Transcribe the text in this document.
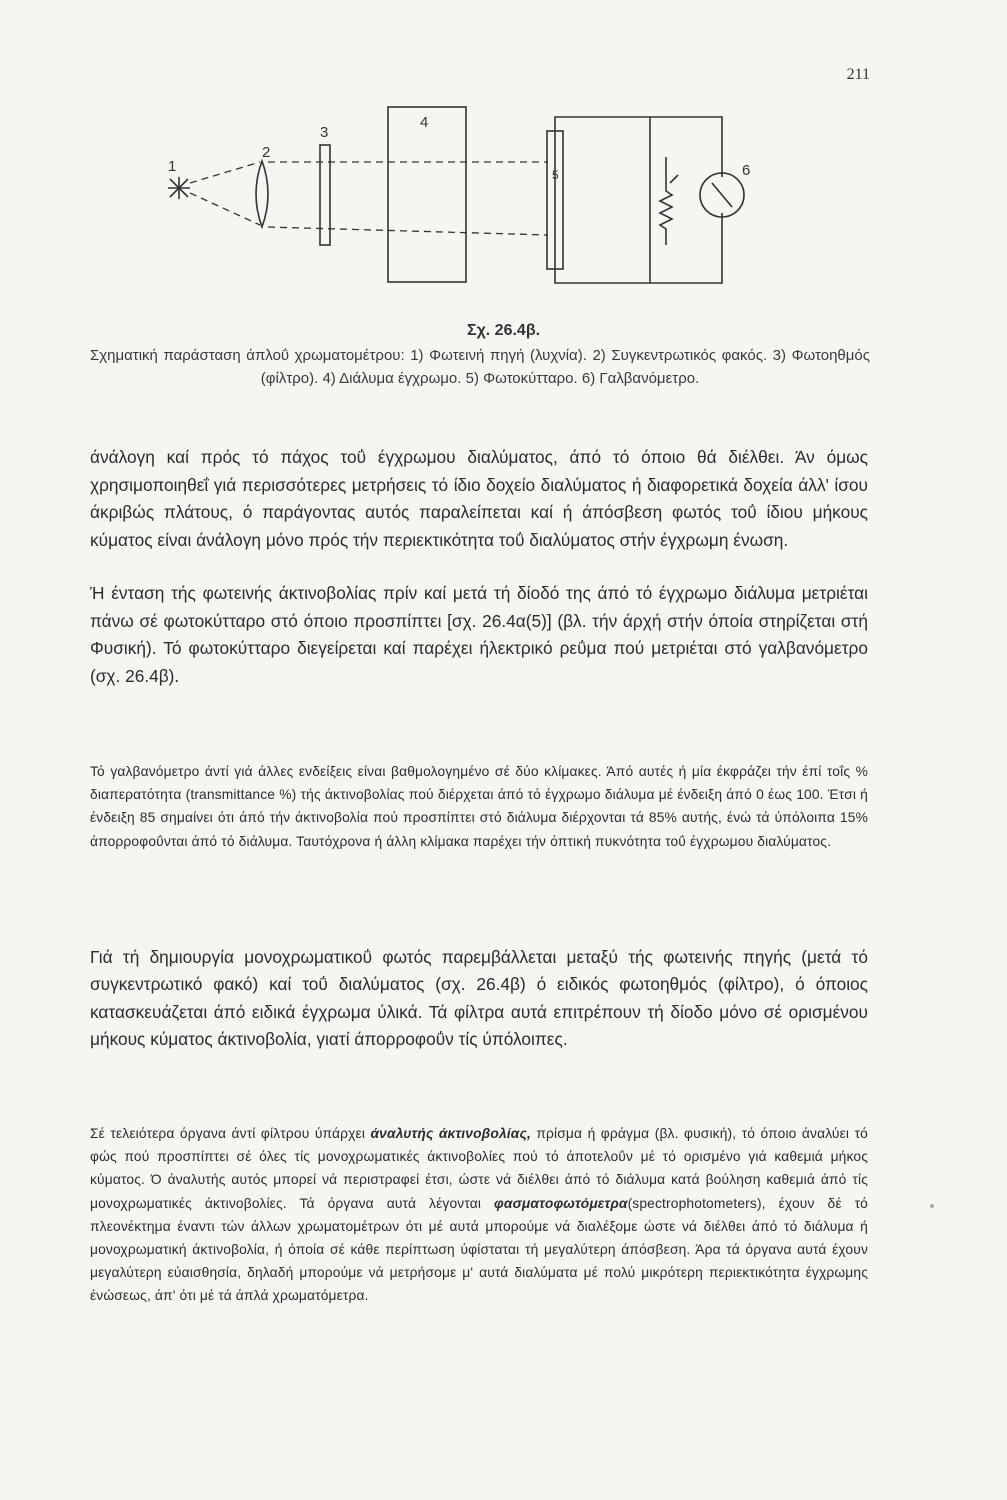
211
1
2
3
4
5	6
Σχ. 26.4β.
Σχηματική παράσταση άπλοΰ χρωματομέτρου: 1) Φωτεινή πηγή (λυχνία). 2) Συγκεντρωτικός φακός. 3) Φωτοηθμός (φίλτρο). 4) Διάλυμα έγχρωμο. 5) Φωτοκύτταρο. 6) Γαλβανόμετρο.
άνάλογη καί πρός τό πάχος τοΰ έγχρωμου διαλύματος, άπό τό όποιο θά διέλθει. Άν όμως χρησιμοποιηθεΐ γιά περισσότερες μετρήσεις τό ίδιο δοχείο διαλύματος ή διαφορετικά δοχεία άλλ' ίσου άκριβώς πλάτους, ό παράγοντας αυτός παραλείπεται καί ή άπόσβεση φωτός τοΰ ίδιου μήκους κύματος είναι άνάλογη μόνο πρός τήν περιεκτικότητα τοΰ διαλύματος στήν έγχρωμη ένωση.
Ή ένταση τής φωτεινής άκτινοβολίας πρίν καί μετά τή δίοδό της άπό τό έγχρωμο διάλυμα μετριέται πάνω σέ φωτοκύτταρο στό όποιο προσπίπτει [σχ. 26.4α(5)] (βλ. τήν άρχή στήν όποία στηρίζεται στή Φυσική). Τό φωτοκύτταρο διεγείρεται καί παρέχει ήλεκτρικό ρεΰμα πού μετριέται στό γαλβανόμετρο (σχ. 26.4β).
Τό γαλβανόμετρο άντί γιά άλλες ενδείξεις είναι βαθμολογημένο σέ δύο κλίμακες. Άπό αυτές ή μία έκφράζει τήν έπί τοΐς % διαπερατότητα (transmittance %) τής άκτινοβολίας πού διέρχεται άπό τό έγχρωμο διάλυμα μέ ένδειξη άπό 0 έως 100. Έτσι ή ένδειξη 85 σημαίνει ότι άπό τήν άκτινοβολία πού προσπίπτει στό διάλυμα διέρχονται τά 85% αυτής, ένώ τά ύπόλοιπα 15% άπορροφοΰνται άπό τό διάλυμα. Ταυτόχρονα ή άλλη κλίμακα παρέχει τήν όπτική πυκνότητα τοΰ έγχρωμου διαλύματος.
Γιά τή δημιουργία μονοχρωματικοΰ φωτός παρεμβάλλεται μεταξύ τής φωτεινής πηγής (μετά τό συγκεντρωτικό φακό) καί τοΰ διαλύματος (σχ. 26.4β) ό ειδικός φωτοηθμός (φίλτρο), ό όποιος κατασκευάζεται άπό ειδικά έγχρωμα ύλικά. Τά φίλτρα αυτά επιτρέπουν τή δίοδο μόνο σέ ορισμένου μήκους κύματος άκτινοβολία, γιατί άπορροφοΰν τίς ύπόλοιπες.
Σέ τελειότερα όργανα άντί φίλτρου ύπάρχει άναλυτής άκτινοβολίας, πρίσμα ή φράγμα (βλ. φυσική), τό όποιο άναλύει τό φώς πού προσπίπτει σέ όλες τίς μονοχρωματικές άκτινοβολίες πού τό άποτελοΰν μέ τό ορισμένο γιά καθεμιά μήκος κύματος. Ό άναλυτής αυτός μπορεί νά περιστραφεί έτσι, ώστε νά διέλθει άπό τό διάλυμα κατά βούληση καθεμιά άπό τίς μονοχρωματικές άκτινοβολίες. Τά όργανα αυτά λέγονται φασματοφωτόμετρα(spectrophotometers), έχουν δέ τό πλεονέκτημα έναντι τών άλλων χρωματομέτρων ότι μέ αυτά μπορούμε νά διαλέξομε ώστε νά διέλθει άπό τό διάλυμα ή μονοχρωματική άκτινοβολία, ή όποία σέ κάθε περίπτωση ύφίσταται τή μεγαλύτερη άπόσβεση. Άρα τά όργανα αυτά έχουν μεγαλύτερη εύαισθησία, δηλαδή μπορούμε νά μετρήσομε μ' αυτά διαλύματα μέ πολύ μικρότερη περιεκτικότητα έγχρωμης ένώσεως, άπ' ότι μέ τά άπλά χρωματόμετρα.
